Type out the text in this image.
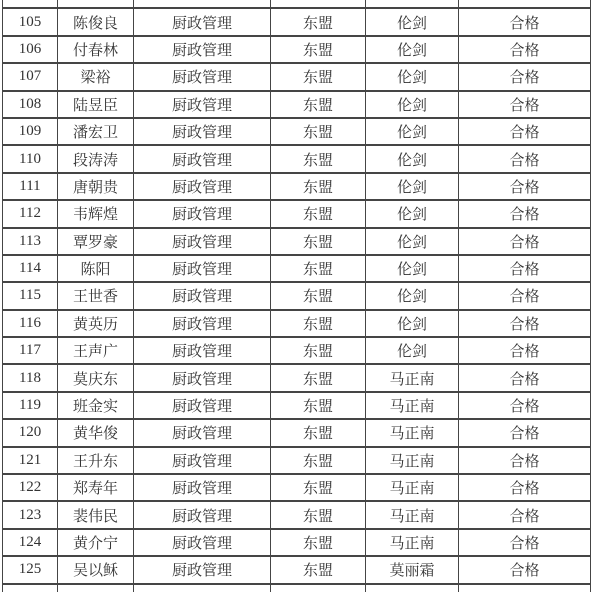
105	陈俊良	厨政管理	东盟	伦剑	合格
106	付春林	厨政管理	东盟	伦剑	合格
107	梁裕	厨政管理	东盟	伦剑	合格
108	陆昱臣	厨政管理	东盟	伦剑	合格
109	潘宏卫	厨政管理	东盟	伦剑	合格
110	段涛涛	厨政管理	东盟	伦剑	合格
111	唐朝贵	厨政管理	东盟	伦剑	合格
112	韦辉煌	厨政管理	东盟	伦剑	合格
113	覃罗豪	厨政管理	东盟	伦剑	合格
114	陈阳	厨政管理	东盟	伦剑	合格
115	王世香	厨政管理	东盟	伦剑	合格
116	黄英历	厨政管理	东盟	伦剑	合格
117	王声广	厨政管理	东盟	伦剑	合格
118	莫庆东	厨政管理	东盟	马正南	合格
119	班金实	厨政管理	东盟	马正南	合格
120	黄华俊	厨政管理	东盟	马正南	合格
121	王升东	厨政管理	东盟	马正南	合格
122	郑寿年	厨政管理	东盟	马正南	合格
123	裴伟民	厨政管理	东盟	马正南	合格
124	黄介宁	厨政管理	东盟	马正南	合格
125	吴以稣	厨政管理	东盟	莫丽霜	合格
